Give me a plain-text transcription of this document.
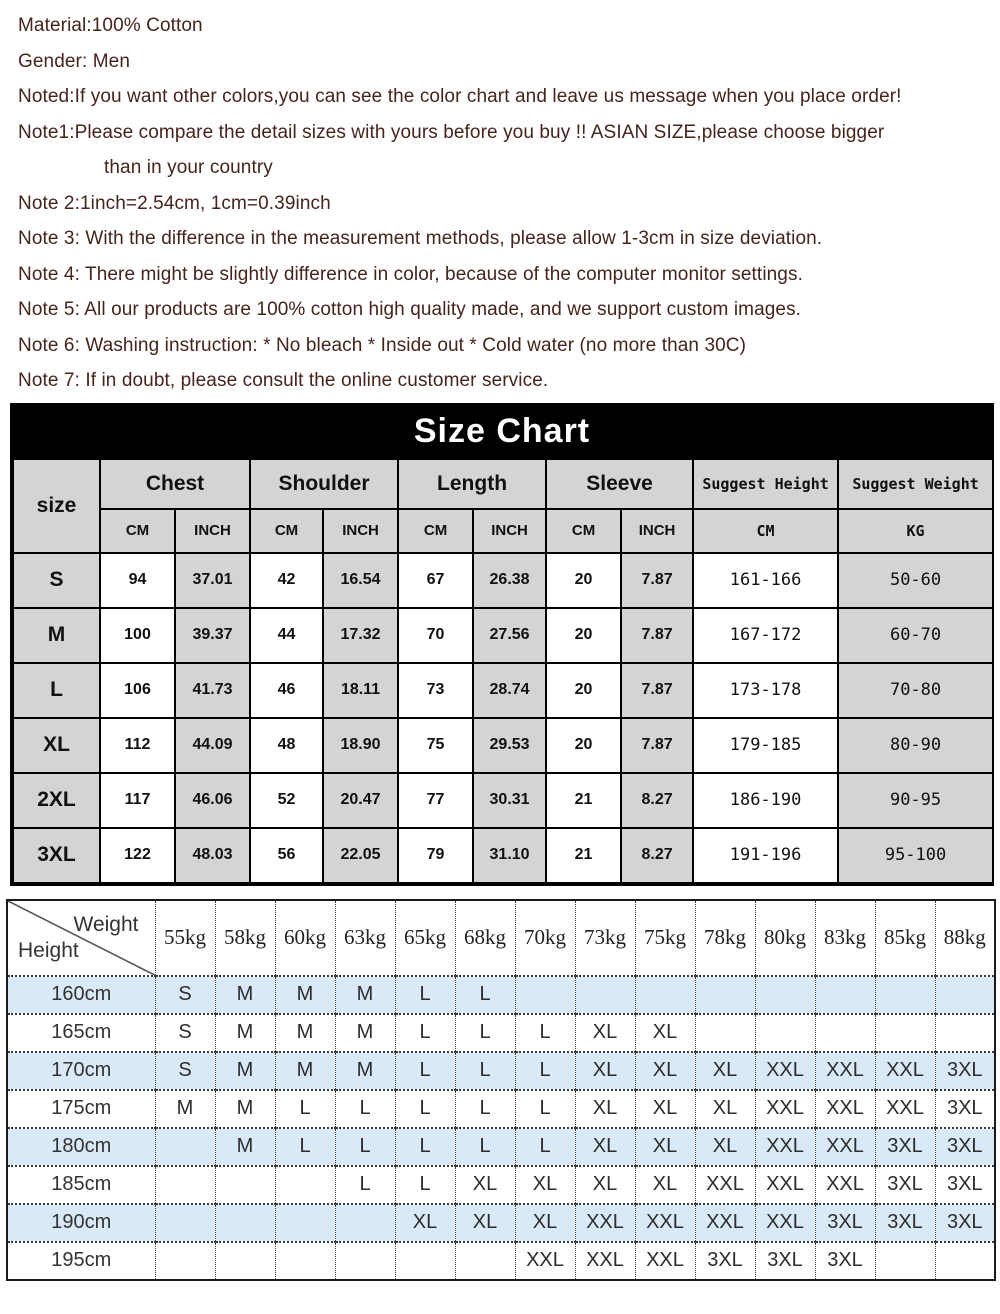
Material:100% Cotton
Gender: Men
Noted:If you want other colors,you can see the color chart and leave us message when you place order!
Note1:Please compare the detail sizes with yours before you buy !! ASIAN SIZE,please choose bigger
than in your country
Note 2:1inch=2.54cm, 1cm=0.39inch
Note 3: With the difference in the measurement methods, please allow 1-3cm in size deviation.
Note 4: There might be slightly difference in color, because of the computer monitor settings.
Note 5: All our products are 100% cotton high quality made, and we support custom images.
Note 6: Washing instruction: * No bleach * Inside out * Cold water (no more than 30C)
Note 7: If in doubt, please consult the online customer service.
Size Chart
size	Chest		Shoulder		Length		Sleeve		Suggest Height	Suggest Weight
	CM	INCH	CM	INCH	CM	INCH	CM	INCH	CM	KG
S	94	37.01	42	16.54	67	26.38	20	7.87	161-166	50-60
M	100	39.37	44	17.32	70	27.56	20	7.87	167-172	60-70
L	106	41.73	46	18.11	73	28.74	20	7.87	173-178	70-80
XL	112	44.09	48	18.90	75	29.53	20	7.87	179-185	80-90
2XL	117	46.06	52	20.47	77	30.31	21	8.27	186-190	90-95
3XL	122	48.03	56	22.05	79	31.10	21	8.27	191-196	95-100
Weight
Height	55kg	58kg	60kg	63kg	65kg	68kg	70kg	73kg	75kg	78kg	80kg	83kg	85kg	88kg
160cm	S	M	M	M	L	L								
165cm	S	M	M	M	L	L	L	XL	XL					
170cm	S	M	M	M	L	L	L	XL	XL	XL	XXL	XXL	XXL	3XL
175cm	M	M	L	L	L	L	L	XL	XL	XL	XXL	XXL	XXL	3XL
180cm		M	L	L	L	L	L	XL	XL	XL	XXL	XXL	3XL	3XL
185cm				L	L	XL	XL	XL	XL	XXL	XXL	XXL	3XL	3XL
190cm					XL	XL	XL	XXL	XXL	XXL	XXL	3XL	3XL	3XL
195cm							XXL	XXL	XXL	3XL	3XL	3XL		
